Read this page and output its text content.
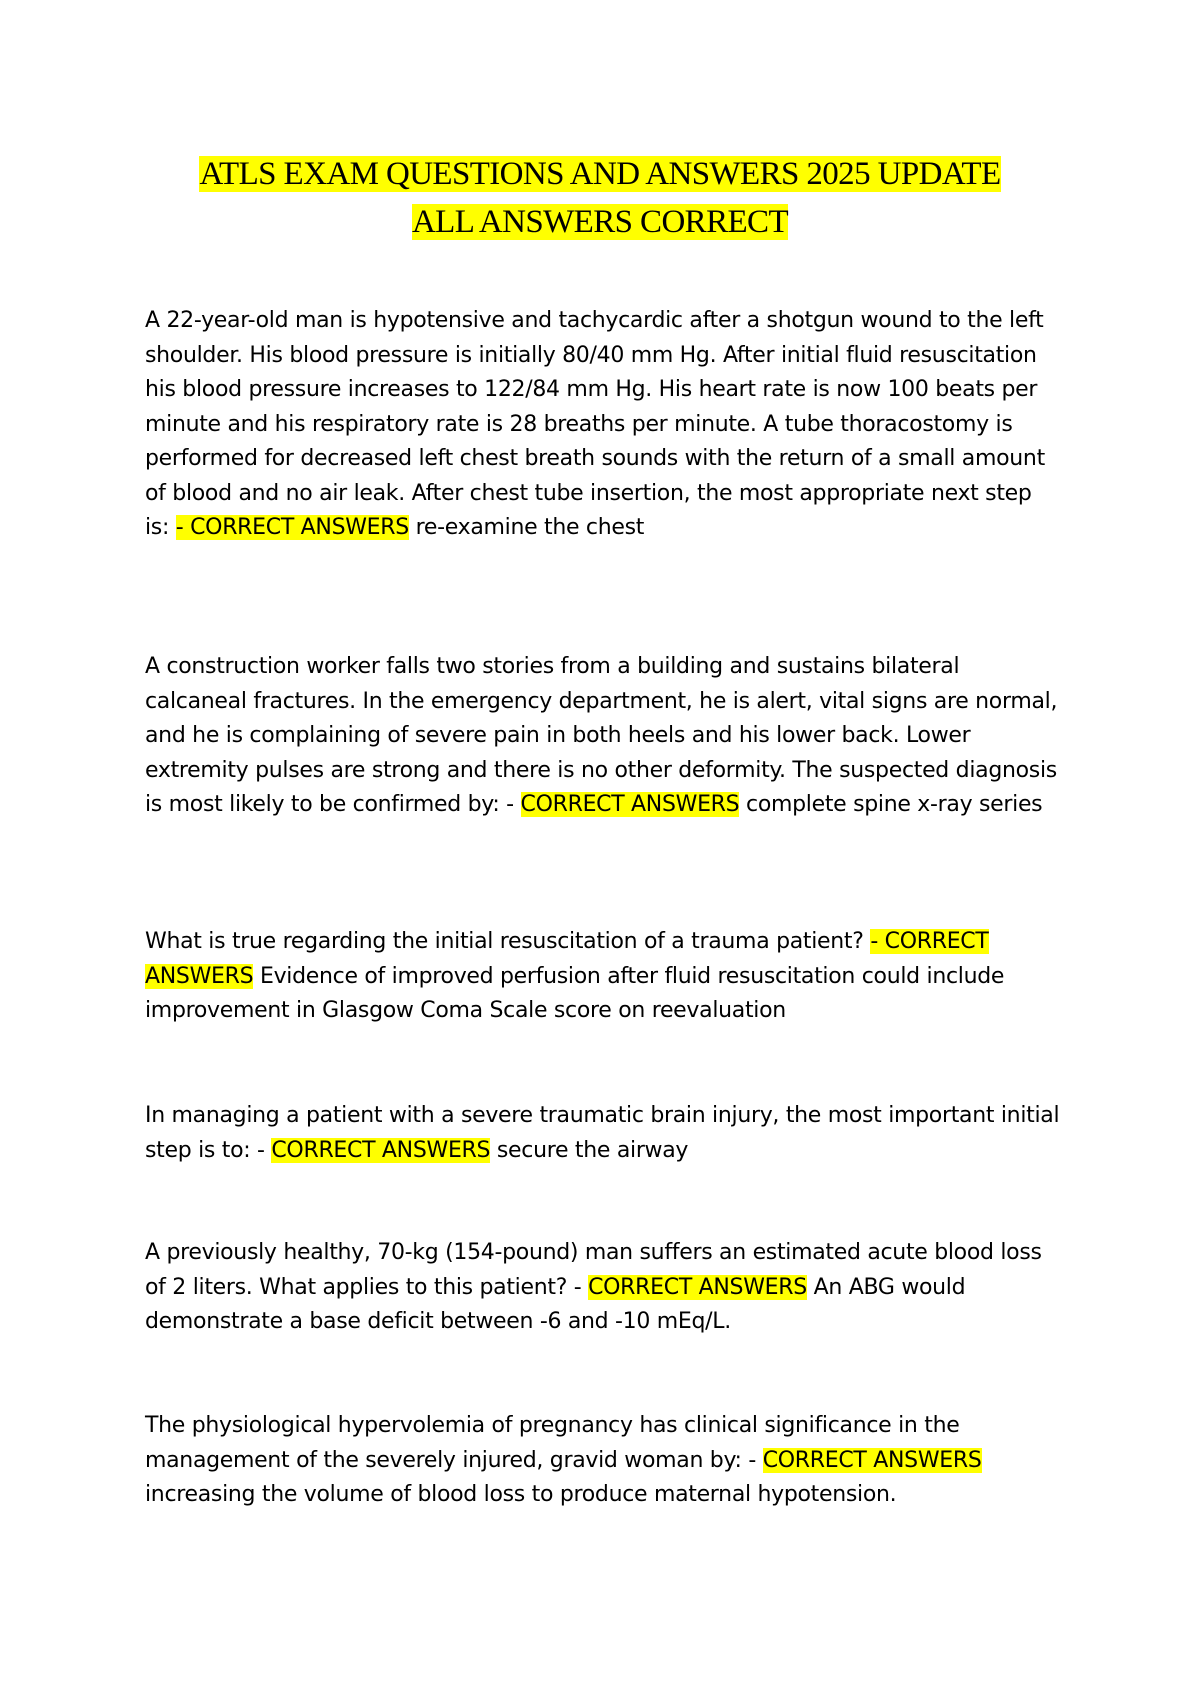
ATLS EXAM QUESTIONS AND ANSWERS 2025 UPDATE
ALL ANSWERS CORRECT

A 22-year-old man is hypotensive and tachycardic after a shotgun wound to the left shoulder. His blood pressure is initially 80/40 mm Hg. After initial fluid resuscitation his blood pressure increases to 122/84 mm Hg. His heart rate is now 100 beats per minute and his respiratory rate is 28 breaths per minute. A tube thoracostomy is performed for decreased left chest breath sounds with the return of a small amount of blood and no air leak. After chest tube insertion, the most appropriate next step is: - CORRECT ANSWERS re-examine the chest

A construction worker falls two stories from a building and sustains bilateral calcaneal fractures. In the emergency department, he is alert, vital signs are normal, and he is complaining of severe pain in both heels and his lower back. Lower extremity pulses are strong and there is no other deformity. The suspected diagnosis is most likely to be confirmed by: - CORRECT ANSWERS complete spine x-ray series

What is true regarding the initial resuscitation of a trauma patient? - CORRECT ANSWERS Evidence of improved perfusion after fluid resuscitation could include improvement in Glasgow Coma Scale score on reevaluation

In managing a patient with a severe traumatic brain injury, the most important initial step is to: - CORRECT ANSWERS secure the airway

A previously healthy, 70-kg (154-pound) man suffers an estimated acute blood loss of 2 liters. What applies to this patient? - CORRECT ANSWERS An ABG would demonstrate a base deficit between -6 and -10 mEq/L.

The physiological hypervolemia of pregnancy has clinical significance in the management of the severely injured, gravid woman by: - CORRECT ANSWERS increasing the volume of blood loss to produce maternal hypotension.
